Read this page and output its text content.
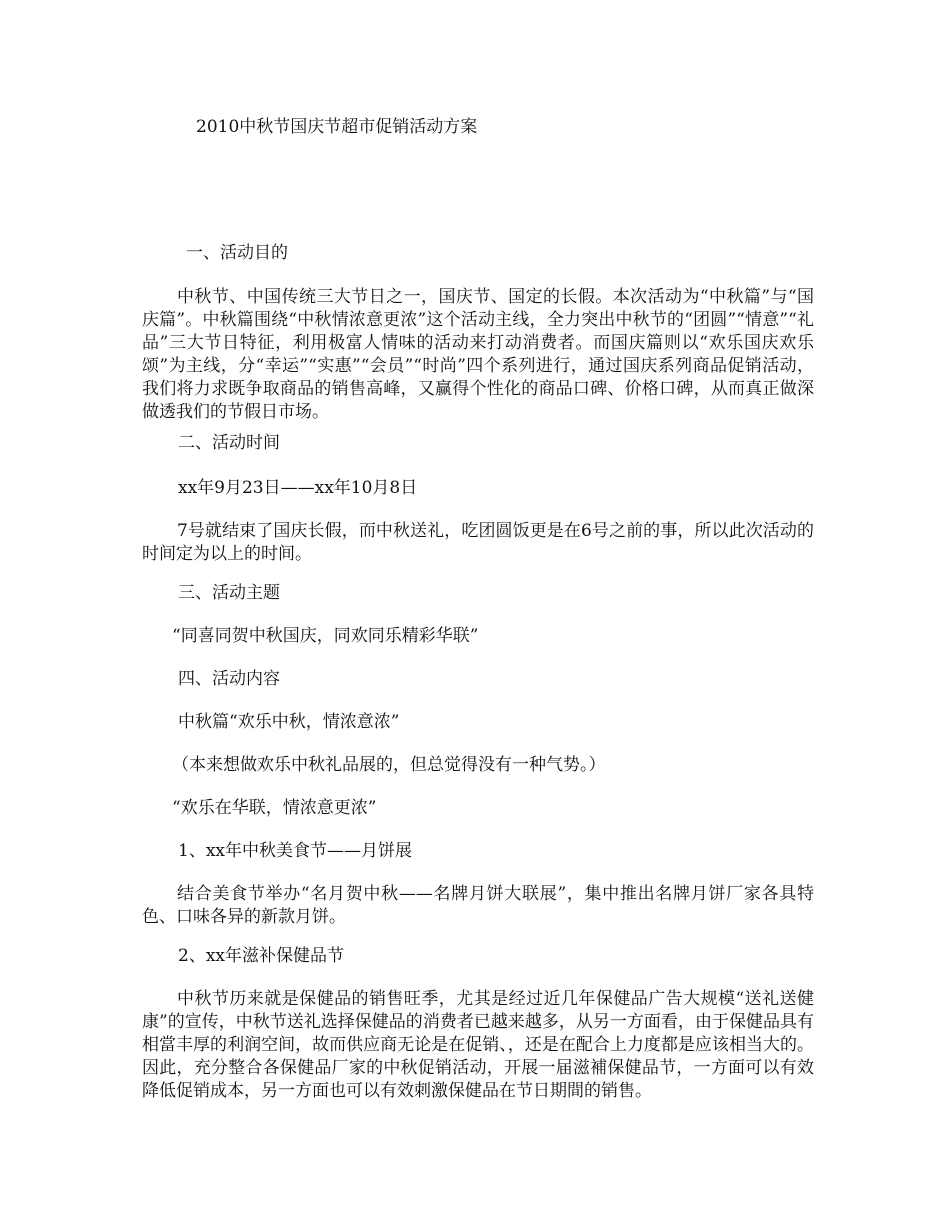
2010中秋节国庆节超市促销活动方案
一、活动目的
中秋节、中国传统三大节日之一，国庆节、国定的长假。本次活动为“中秋篇”与“国庆篇”。中秋篇围绕“中秋情浓意更浓”这个活动主线，全力突出中秋节的“团圆”“情意”“礼品”三大节日特征，利用极富人情味的活动来打动消费者。而国庆篇则以“欢乐国庆欢乐颂”为主线，分“幸运”“实惠”“会员”“时尚”四个系列进行，通过国庆系列商品促销活动，我们将力求既争取商品的销售高峰，又赢得个性化的商品口碑、价格口碑，从而真正做深做透我们的节假日市场。
二、活动时间
xx年9月23日——xx年10月8日
7号就结束了国庆长假，而中秋送礼，吃团圆饭更是在6号之前的事，所以此次活动的时间定为以上的时间。
三、活动主题
“同喜同贺中秋国庆，同欢同乐精彩华联”
四、活动内容
中秋篇“欢乐中秋，情浓意浓”
（本来想做欢乐中秋礼品展的，但总觉得没有一种气势。）
“欢乐在华联，情浓意更浓”
1、xx年中秋美食节——月饼展
结合美食节举办“名月贺中秋——名牌月饼大联展”，集中推出名牌月饼厂家各具特色、口味各异的新款月饼。
2、xx年滋补保健品节
中秋节历来就是保健品的销售旺季，尤其是经过近几年保健品广告大规模“送礼送健康”的宣传，中秋节送礼选择保健品的消费者已越来越多，从另一方面看，由于保健品具有相當丰厚的利润空间，故而供应商无论是在促销、，还是在配合上力度都是应该相当大的。因此，充分整合各保健品厂家的中秋促销活动，开展一届滋補保健品节，一方面可以有效降低促销成本，另一方面也可以有效刺激保健品在节日期間的销售。
